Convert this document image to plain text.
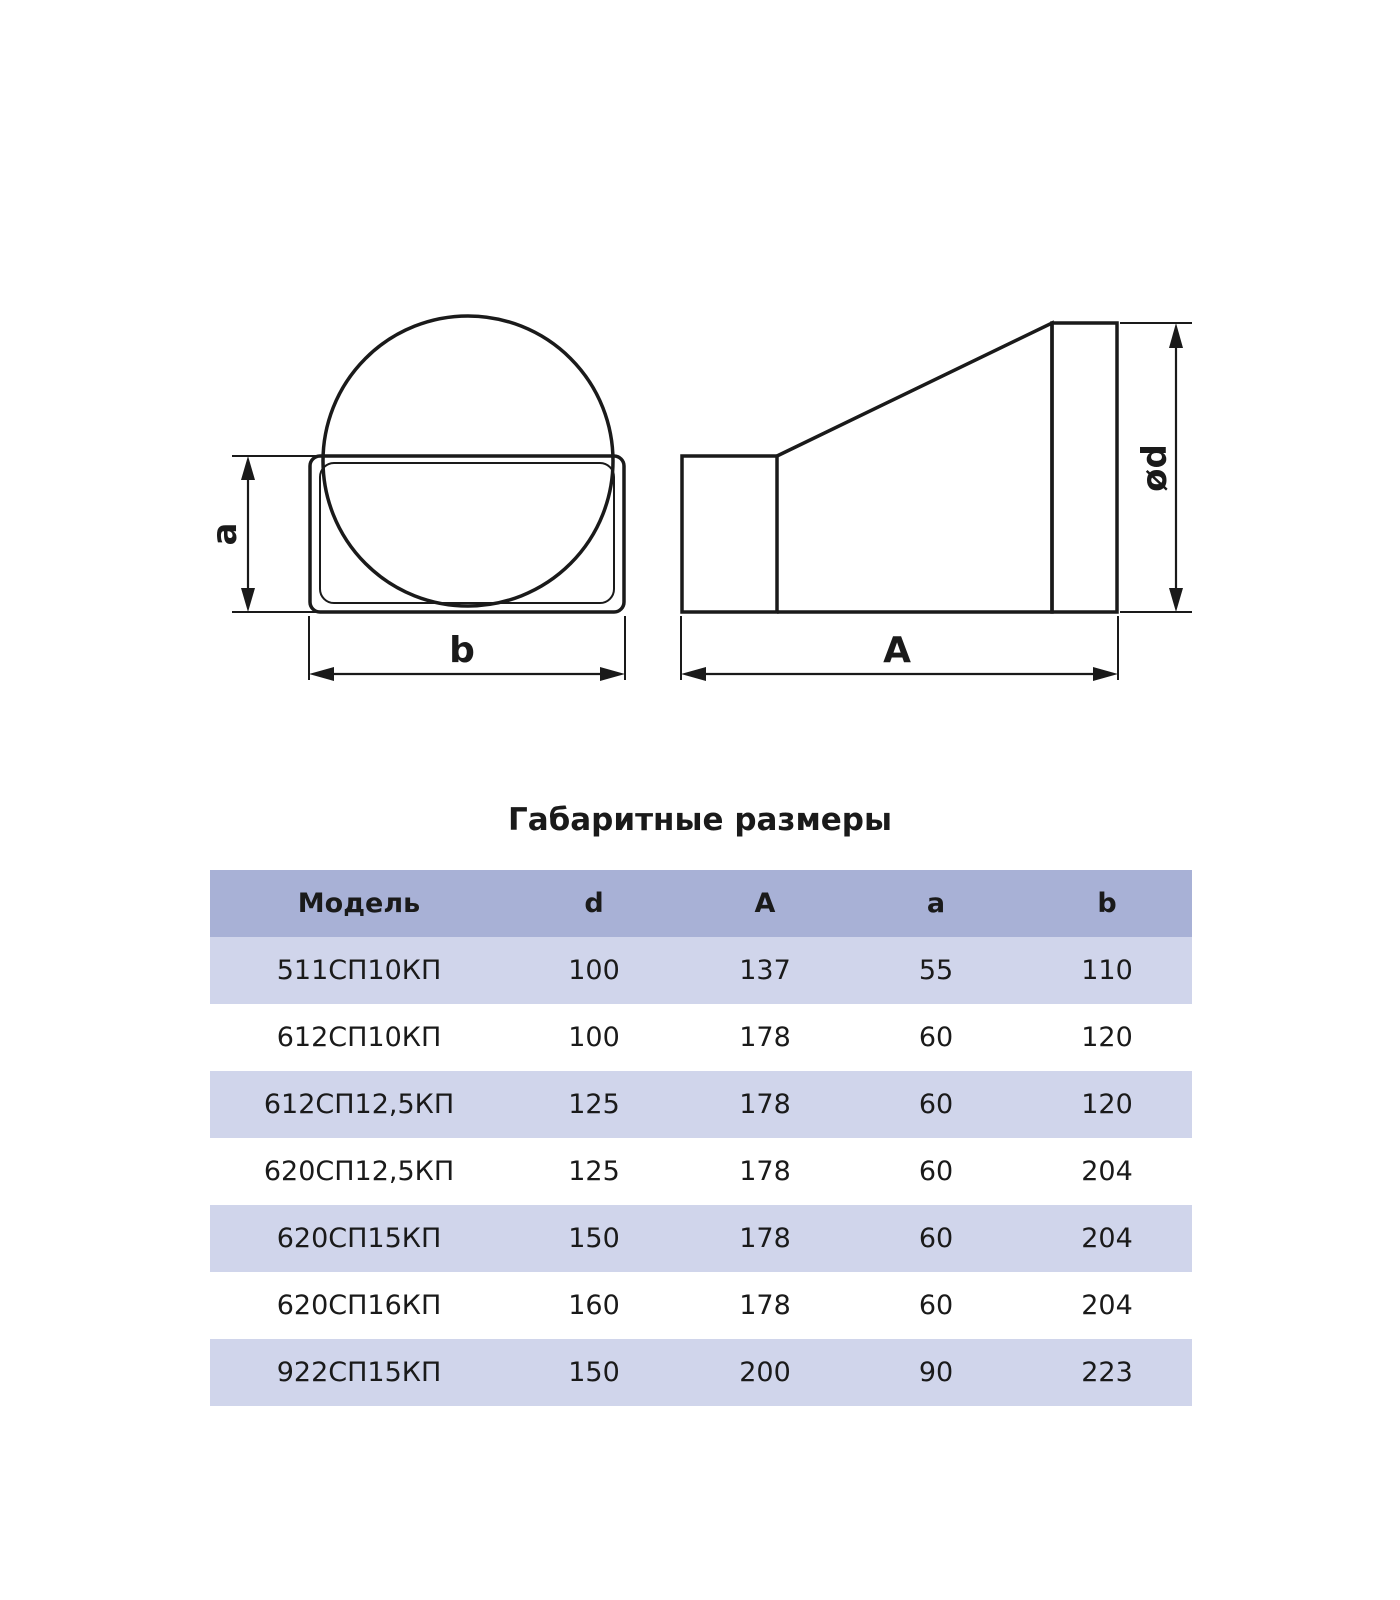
a
b
ød
A
Габаритные размеры
Модель	d	A	a	b
511СП10КП	100	137	55	110
612СП10КП	100	178	60	120
612СП12,5КП	125	178	60	120
620СП12,5КП	125	178	60	204
620СП15КП	150	178	60	204
620СП16КП	160	178	60	204
922СП15КП	150	200	90	223
